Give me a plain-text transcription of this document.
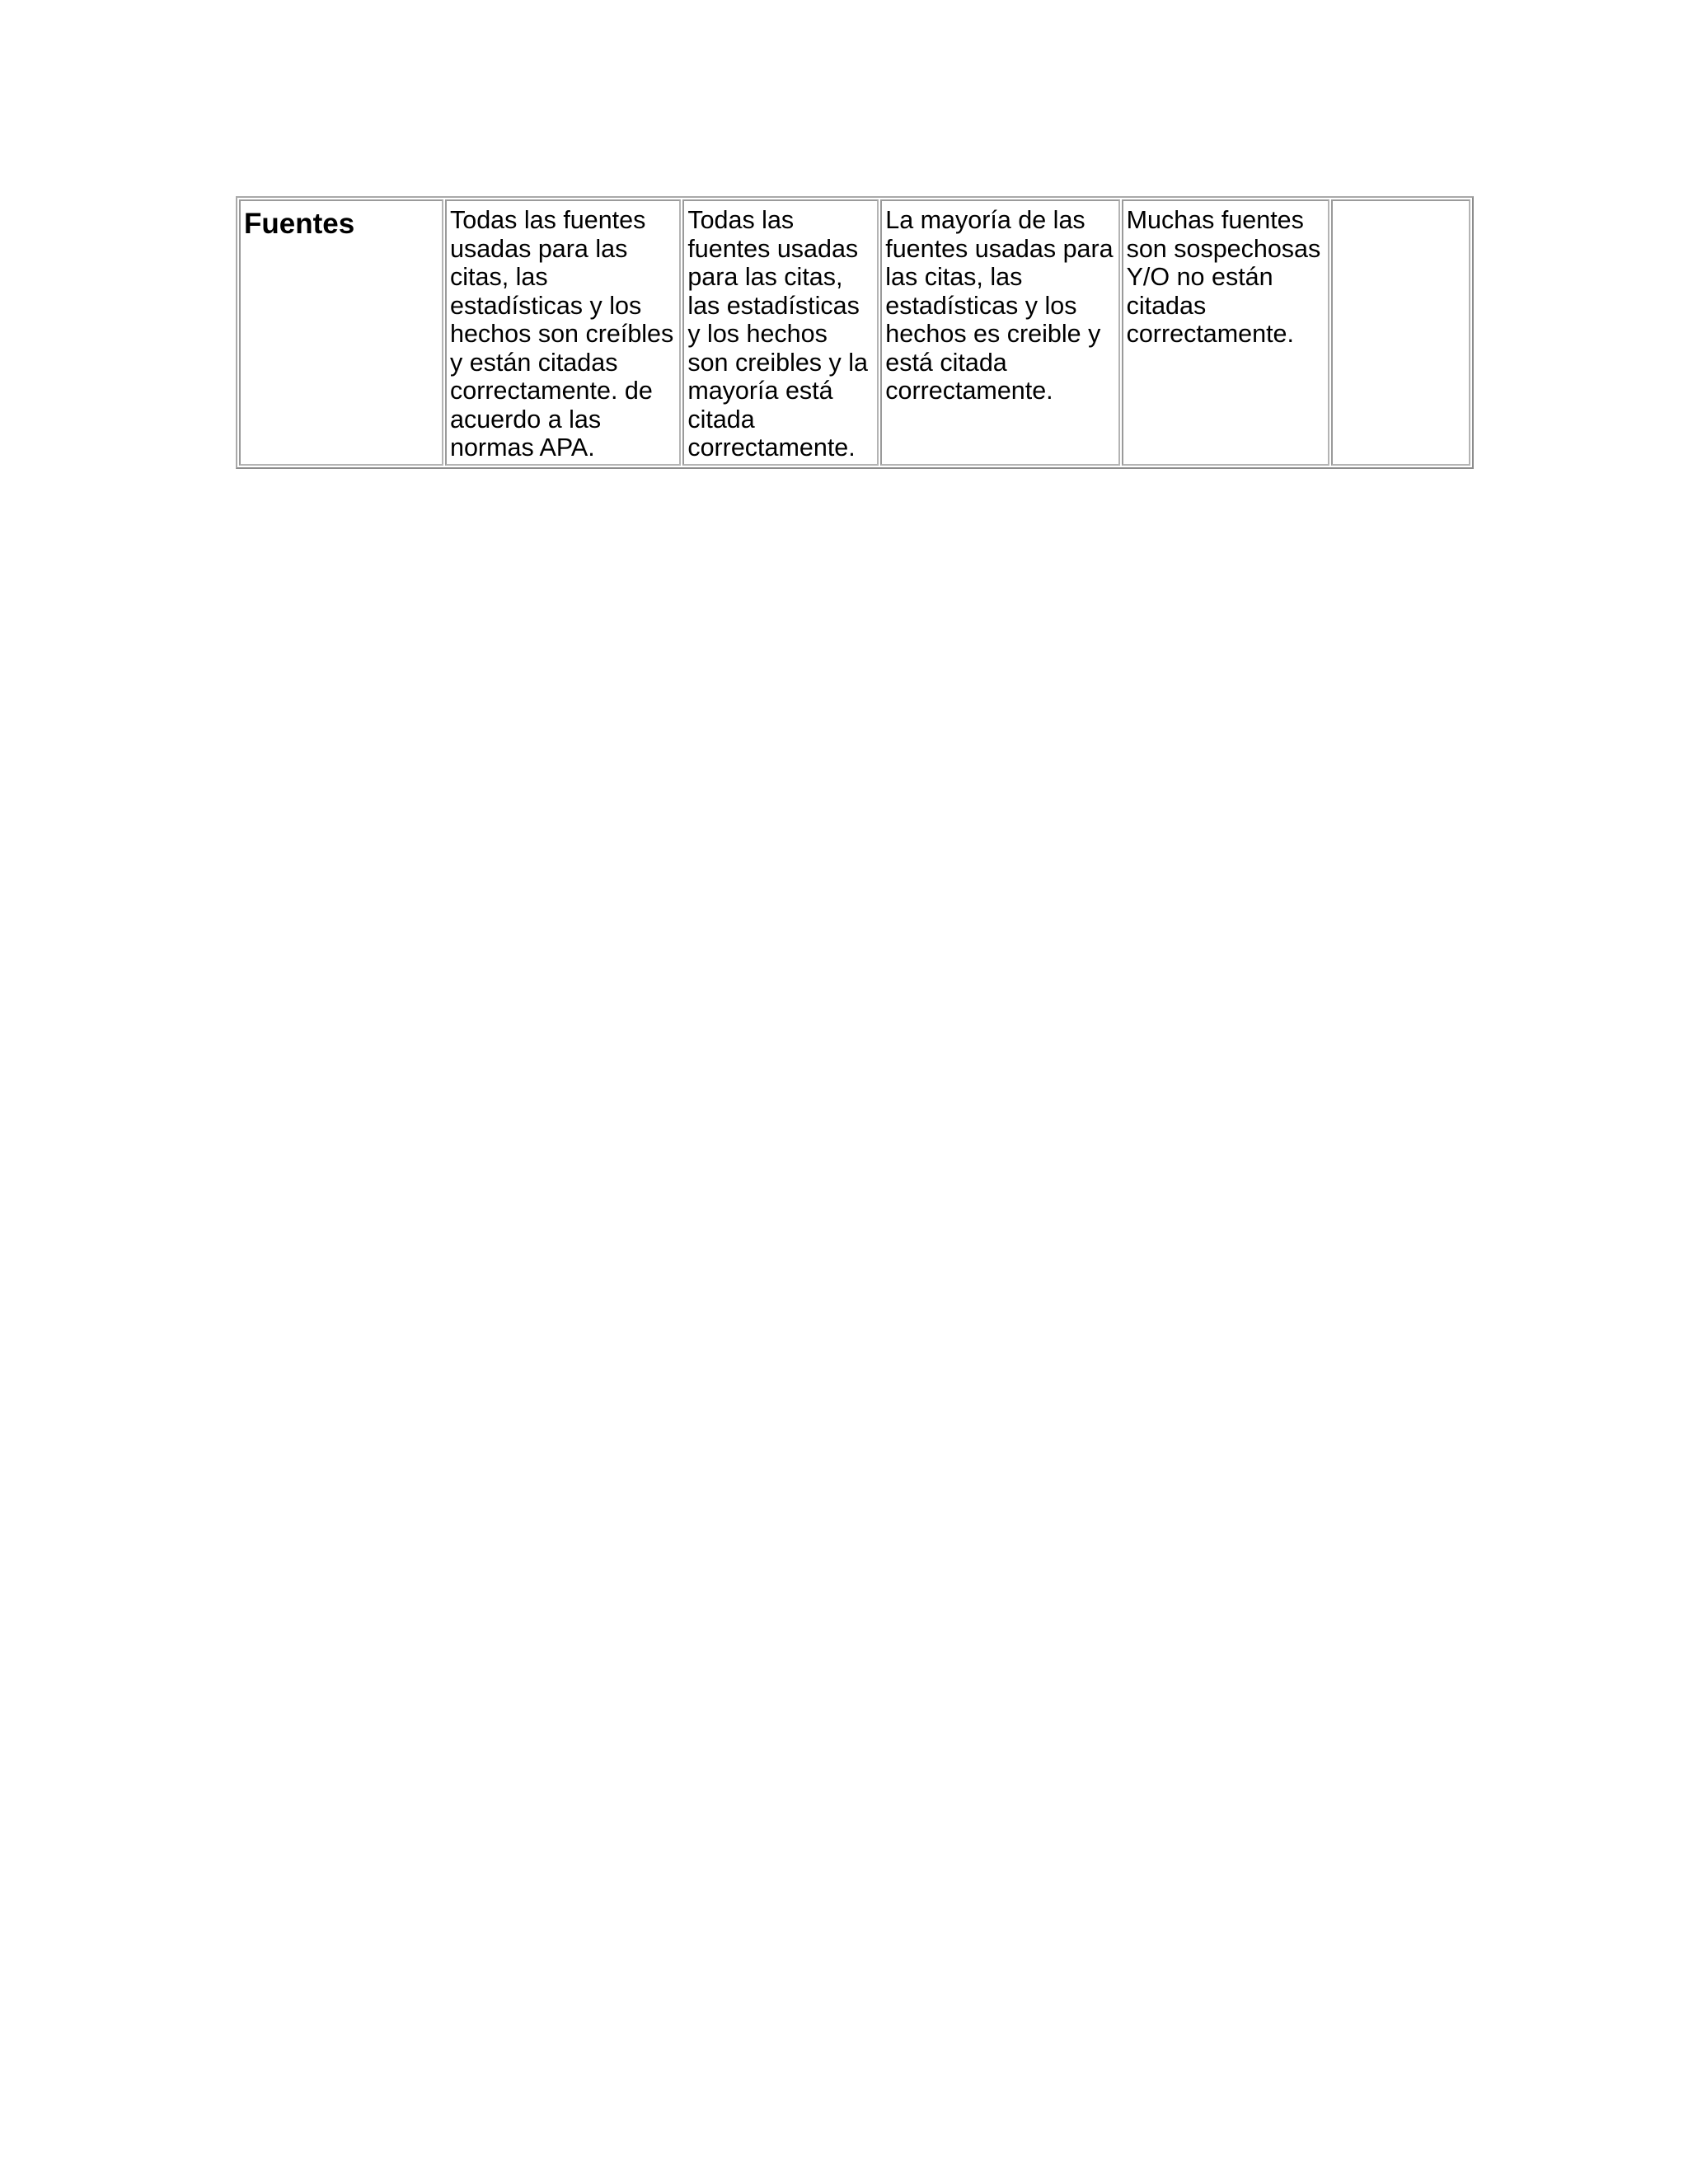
Fuentes	Todas las fuentes usadas para las citas, las estadísticas y los hechos son creíbles y están citadas correctamente. de acuerdo a las normas APA.	Todas las fuentes usadas para las citas, las estadísticas y los hechos son creibles y la mayoría está citada correctamente.	La mayoría de las fuentes usadas para las citas, las estadísticas y los hechos es creible y está citada correctamente.	Muchas fuentes son sospechosas Y/O no están citadas correctamente.	
